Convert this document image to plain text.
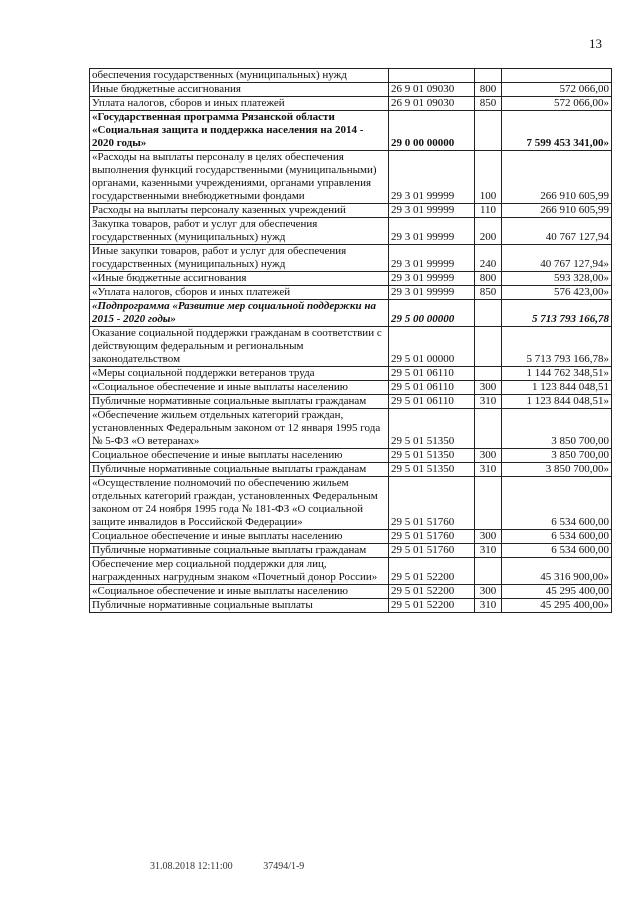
13
обеспечения государственных (муниципальных) нужд			
Иные бюджетные ассигнования	26 9 01 09030	800	572 066,00
Уплата налогов, сборов и иных платежей	26 9 01 09030	850	572 066,00»
«Государственная программа Рязанской области «Социальная защита и поддержка населения на 2014 - 2020 годы»	29 0 00 00000		7 599 453 341,00»
«Расходы на выплаты персоналу в целях обеспечения выполнения функций государственными (муниципальными) органами, казенными учреждениями, органами управления государственными внебюджетными фондами	29 3 01 99999	100	266 910 605,99
Расходы на выплаты персоналу казенных учреждений	29 3 01 99999	110	266 910 605,99
Закупка товаров, работ и услуг для обеспечения государственных (муниципальных) нужд	29 3 01 99999	200	40 767 127,94
Иные закупки товаров, работ и услуг для обеспечения государственных (муниципальных) нужд	29 3 01 99999	240	40 767 127,94»
«Иные бюджетные ассигнования	29 3 01 99999	800	593 328,00»
«Уплата налогов, сборов и иных платежей	29 3 01 99999	850	576 423,00»
«Подпрограмма «Развитие мер социальной поддержки на 2015 - 2020 годы»	29 5 00 00000		5 713 793 166,78
Оказание социальной поддержки гражданам в соответствии с действующим федеральным и региональным законодательством	29 5 01 00000		5 713 793 166,78»
«Меры социальной поддержки ветеранов труда	29 5 01 06110		1 144 762 348,51»
«Социальное обеспечение и иные выплаты населению	29 5 01 06110	300	1 123 844 048,51
Публичные нормативные социальные выплаты гражданам	29 5 01 06110	310	1 123 844 048,51»
«Обеспечение жильем отдельных категорий граждан, установленных Федеральным законом от 12 января 1995 года № 5-ФЗ «О ветеранах»	29 5 01 51350		3 850 700,00
Социальное обеспечение и иные выплаты населению	29 5 01 51350	300	3 850 700,00
Публичные нормативные социальные выплаты гражданам	29 5 01 51350	310	3 850 700,00»
«Осуществление полномочий по обеспечению жильем отдельных категорий граждан, установленных Федеральным законом от 24 ноября 1995 года № 181-ФЗ «О социальной защите инвалидов в Российской Федерации»	29 5 01 51760		6 534 600,00
Социальное обеспечение и иные выплаты населению	29 5 01 51760	300	6 534 600,00
Публичные нормативные социальные выплаты гражданам	29 5 01 51760	310	6 534 600,00
Обеспечение мер социальной поддержки для лиц, награжденных нагрудным знаком «Почетный донор России»	29 5 01 52200		45 316 900,00»
«Социальное обеспечение и иные выплаты населению	29 5 01 52200	300	45 295 400,00
Публичные нормативные социальные выплаты	29 5 01 52200	310	45 295 400,00»
31.08.2018 12:11:00	37494/1-9
